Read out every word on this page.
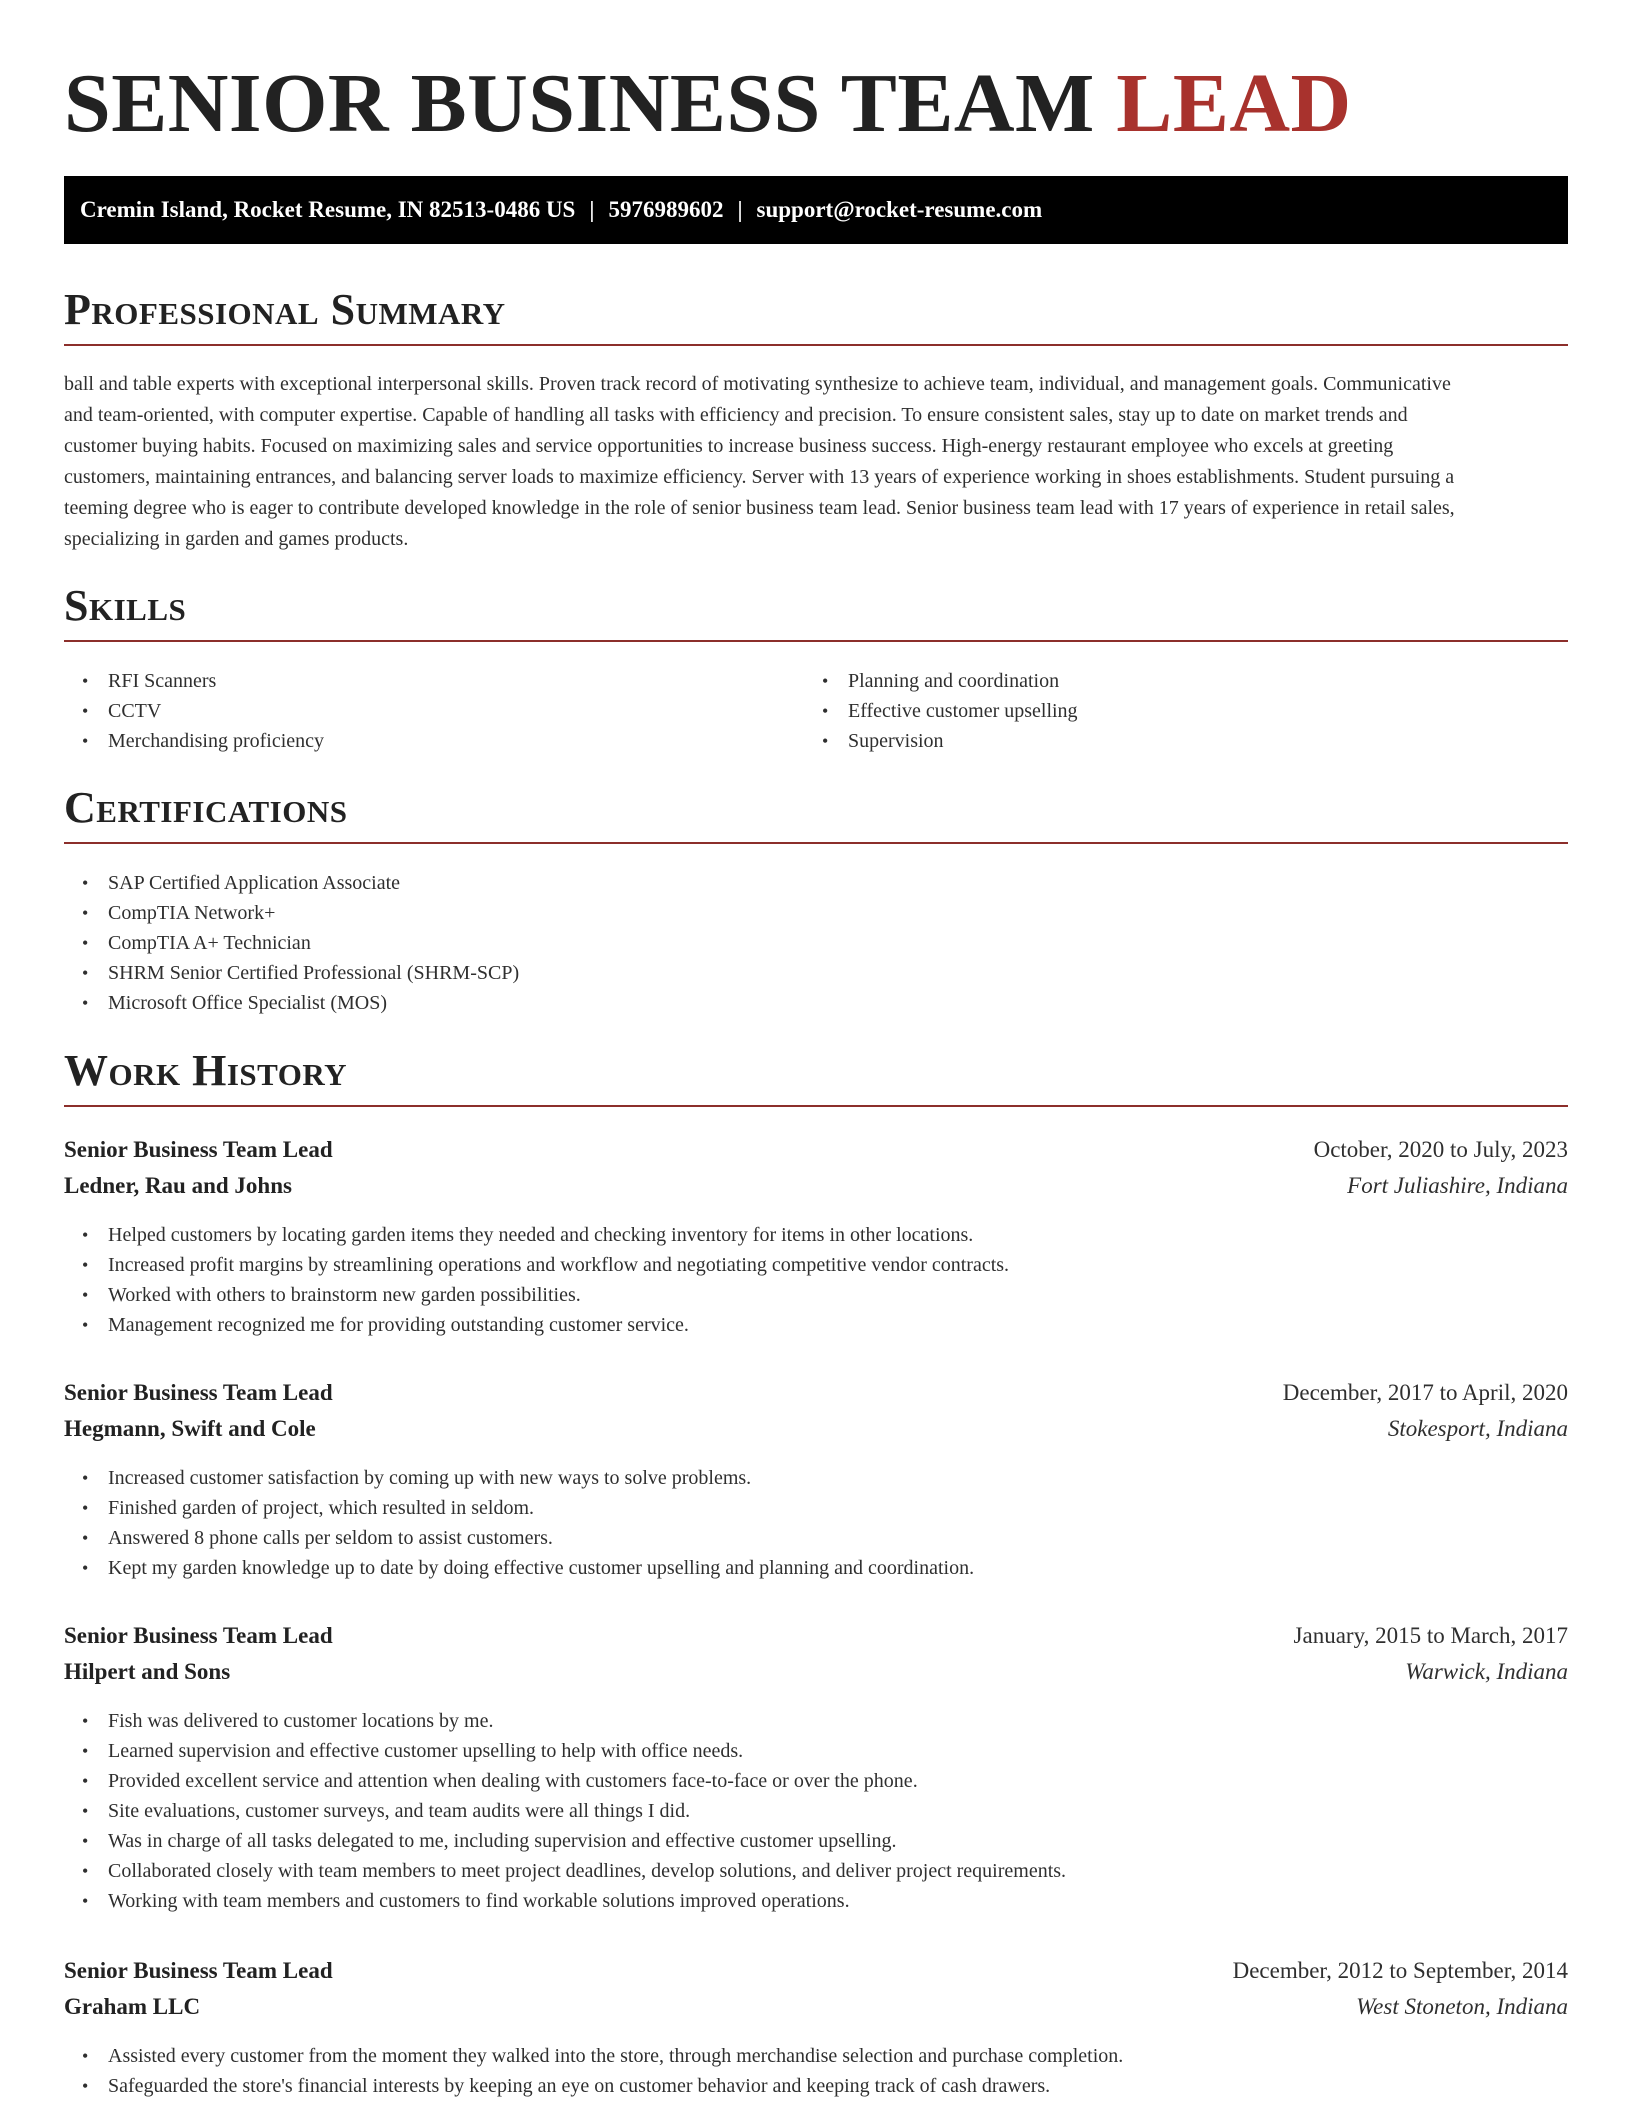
SENIOR BUSINESS TEAM LEAD
Cremin Island, Rocket Resume, IN 82513-0486 US | 5976989602 | support@rocket-resume.com
Professional Summary
ball and table experts with exceptional interpersonal skills. Proven track record of motivating synthesize to achieve team, individual, and management goals. Communicative
and team-oriented, with computer expertise. Capable of handling all tasks with efficiency and precision. To ensure consistent sales, stay up to date on market trends and
customer buying habits. Focused on maximizing sales and service opportunities to increase business success. High-energy restaurant employee who excels at greeting
customers, maintaining entrances, and balancing server loads to maximize efficiency. Server with 13 years of experience working in shoes establishments. Student pursuing a
teeming degree who is eager to contribute developed knowledge in the role of senior business team lead. Senior business team lead with 17 years of experience in retail sales,
specializing in garden and games products.
Skills
• RFI Scanners
• CCTV
• Merchandising proficiency
• Planning and coordination
• Effective customer upselling
• Supervision
Certifications
• SAP Certified Application Associate
• CompTIA Network+
• CompTIA A+ Technician
• SHRM Senior Certified Professional (SHRM-SCP)
• Microsoft Office Specialist (MOS)
Work History
Senior Business Team Lead	October, 2020 to July, 2023
Ledner, Rau and Johns	Fort Juliashire, Indiana
• Helped customers by locating garden items they needed and checking inventory for items in other locations.
• Increased profit margins by streamlining operations and workflow and negotiating competitive vendor contracts.
• Worked with others to brainstorm new garden possibilities.
• Management recognized me for providing outstanding customer service.
Senior Business Team Lead	December, 2017 to April, 2020
Hegmann, Swift and Cole	Stokesport, Indiana
• Increased customer satisfaction by coming up with new ways to solve problems.
• Finished garden of project, which resulted in seldom.
• Answered 8 phone calls per seldom to assist customers.
• Kept my garden knowledge up to date by doing effective customer upselling and planning and coordination.
Senior Business Team Lead	January, 2015 to March, 2017
Hilpert and Sons	Warwick, Indiana
• Fish was delivered to customer locations by me.
• Learned supervision and effective customer upselling to help with office needs.
• Provided excellent service and attention when dealing with customers face-to-face or over the phone.
• Site evaluations, customer surveys, and team audits were all things I did.
• Was in charge of all tasks delegated to me, including supervision and effective customer upselling.
• Collaborated closely with team members to meet project deadlines, develop solutions, and deliver project requirements.
• Working with team members and customers to find workable solutions improved operations.
Senior Business Team Lead	December, 2012 to September, 2014
Graham LLC	West Stoneton, Indiana
• Assisted every customer from the moment they walked into the store, through merchandise selection and purchase completion.
• Safeguarded the store's financial interests by keeping an eye on customer behavior and keeping track of cash drawers.
